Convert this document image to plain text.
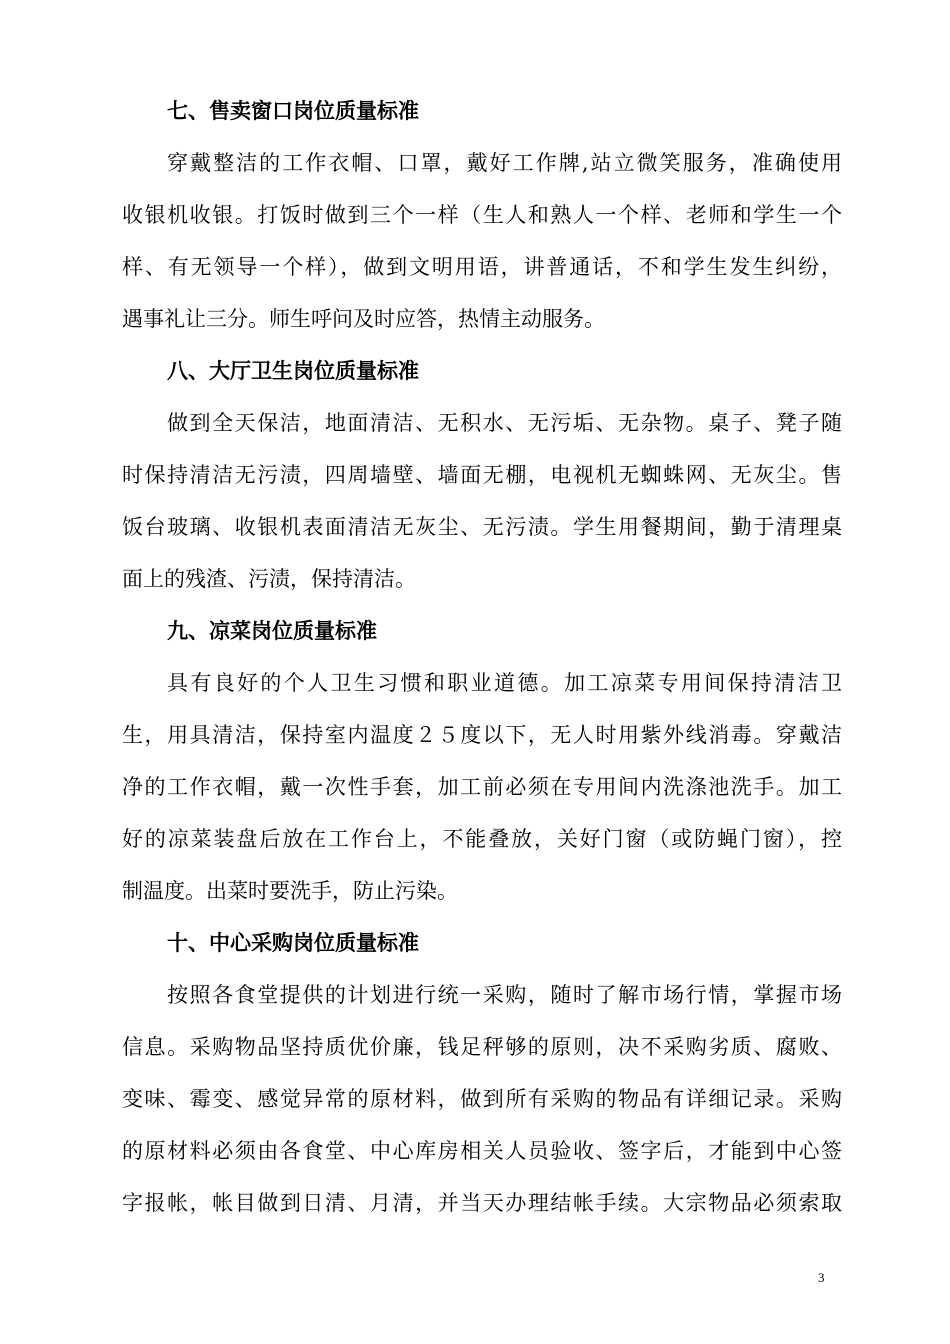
七、售卖窗口岗位质量标准
穿戴整洁的工作衣帽、口罩，戴好工作牌,站立微笑服务，准确使用
收银机收银。打饭时做到三个一样（生人和熟人一个样、老师和学生一个
样、有无领导一个样），做到文明用语，讲普通话，不和学生发生纠纷，
遇事礼让三分。师生呼问及时应答，热情主动服务。
八、大厅卫生岗位质量标准
做到全天保洁，地面清洁、无积水、无污垢、无杂物。桌子、凳子随
时保持清洁无污渍，四周墙壁、墙面无棚，电视机无蜘蛛网、无灰尘。售
饭台玻璃、收银机表面清洁无灰尘、无污渍。学生用餐期间，勤于清理桌
面上的残渣、污渍，保持清洁。
九、凉菜岗位质量标准
具有良好的个人卫生习惯和职业道德。加工凉菜专用间保持清洁卫
生，用具清洁，保持室内温度２５度以下，无人时用紫外线消毒。穿戴洁
净的工作衣帽，戴一次性手套，加工前必须在专用间内洗涤池洗手。加工
好的凉菜装盘后放在工作台上，不能叠放，关好门窗（或防蝇门窗），控
制温度。出菜时要洗手，防止污染。
十、中心采购岗位质量标准
按照各食堂提供的计划进行统一采购，随时了解市场行情，掌握市场
信息。采购物品坚持质优价廉，钱足秤够的原则，决不采购劣质、腐败、
变味、霉变、感觉异常的原材料，做到所有采购的物品有详细记录。采购
的原材料必须由各食堂、中心库房相关人员验收、签字后，才能到中心签
字报帐，帐目做到日清、月清，并当天办理结帐手续。大宗物品必须索取
3
